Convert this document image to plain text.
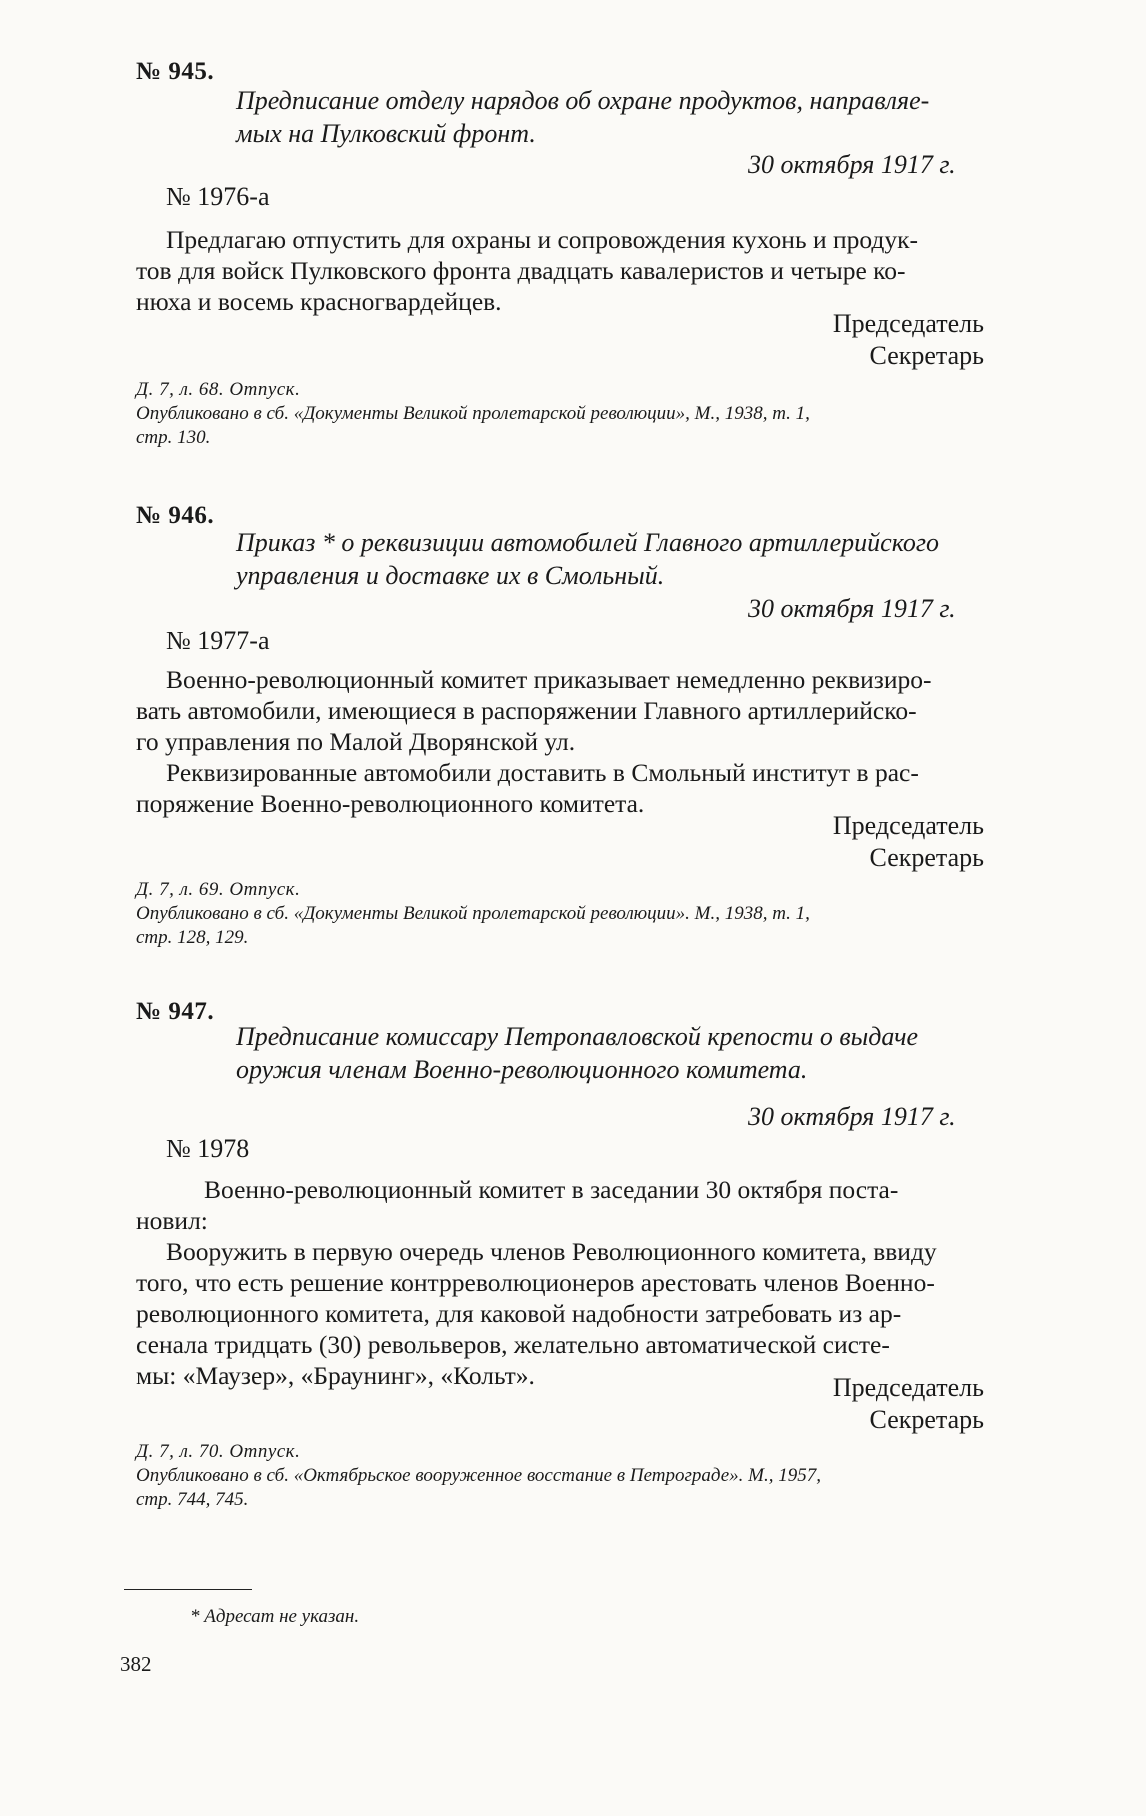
№ 945.
Предписание отделу нарядов об охране продуктов, направляе-
мых на Пулковский фронт.
30 октября 1917 г.
№ 1976-а
Предлагаю отпустить для охраны и сопровождения кухонь и продук-
тов для войск Пулковского фронта двадцать кавалеристов и четыре ко-
нюха и восемь красногвардейцев.
Председатель
Секретарь
Д. 7, л. 68. Отпуск.
Опубликовано в сб. «Документы Великой пролетарской революции», М., 1938, т. 1,
стр. 130.
№ 946.
Приказ * о реквизиции автомобилей Главного артиллерийского
управления и доставке их в Смольный.
30 октября 1917 г.
№ 1977-а
Военно-революционный комитет приказывает немедленно реквизиро-
вать автомобили, имеющиеся в распоряжении Главного артиллерийско-
го управления по Малой Дворянской ул.
Реквизированные автомобили доставить в Смольный институт в рас-
поряжение Военно-революционного комитета.
Председатель
Секретарь
Д. 7, л. 69. Отпуск.
Опубликовано в сб. «Документы Великой пролетарской революции». М., 1938, т. 1,
стр. 128, 129.
№ 947.
Предписание комиссару Петропавловской крепости о выдаче
оружия членам Военно-революционного комитета.
30 октября 1917 г.
№ 1978
Военно-революционный комитет в заседании 30 октября поста-
новил:
Вооружить в первую очередь членов Революционного комитета, ввиду
того, что есть решение контрреволюционеров арестовать членов Военно-
революционного комитета, для каковой надобности затребовать из ар-
сенала тридцать (30) револьверов, желательно автоматической систе-
мы: «Маузер», «Браунинг», «Кольт».	Председатель
Секретарь
Д. 7, л. 70. Отпуск.
Опубликовано в сб. «Октябрьское вооруженное восстание в Петрограде». М., 1957,
стр. 744, 745.
* Адресат не указан.
382
